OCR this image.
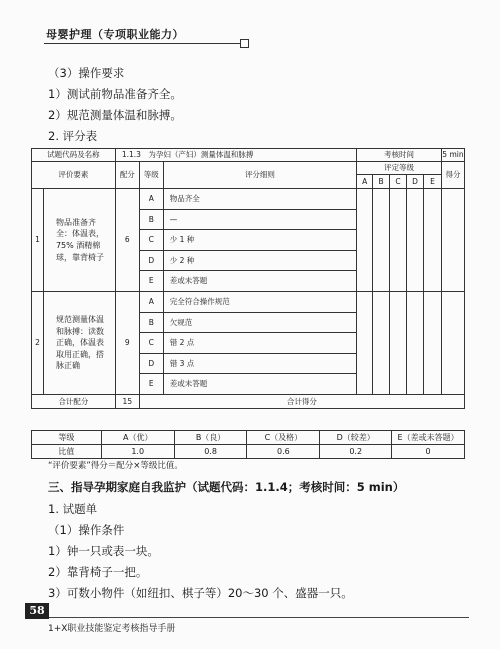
母婴护理（专项职业能力）
（3）操作要求
1）测试前物品准备齐全。
2）规范测量体温和脉搏。
2. 评分表
试题代码及名称		1.1.3　为孕妇（产妇）测量体温和脉搏			考核时间					5 min
评价要素		配分	等级	评分细则	评定等级					得分
					A	B	C	D	E	
1	物品准备齐全：体温表，75% 酒精棉球，靠背椅子	6	A	物品齐全						
			B	—						
			C	少 1 种						
			D	少 2 种						
			E	差或未答题						
2	规范测量体温和脉搏：读数正确，体温表取用正确，搭脉正确	9	A	完全符合操作规范						
			B	欠规范						
			C	错 2 点						
			D	错 3 点						
			E	差或未答题						
合计配分		15	合计得分							
等级	A（优）	B（良）	C（及格）	D（较差）	E（差或未答题）
比值	1.0	0.8	0.6	0.2	0
“评价要素”得分＝配分×等级比值。
三、指导孕期家庭自我监护（试题代码：1.1.4；考核时间：5 min）
1. 试题单
（1）操作条件
1）钟一只或表一块。
2）靠背椅子一把。
3）可数小物件（如纽扣、棋子等）20～30 个、盛器一只。
58
1+X职业技能鉴定考核指导手册
